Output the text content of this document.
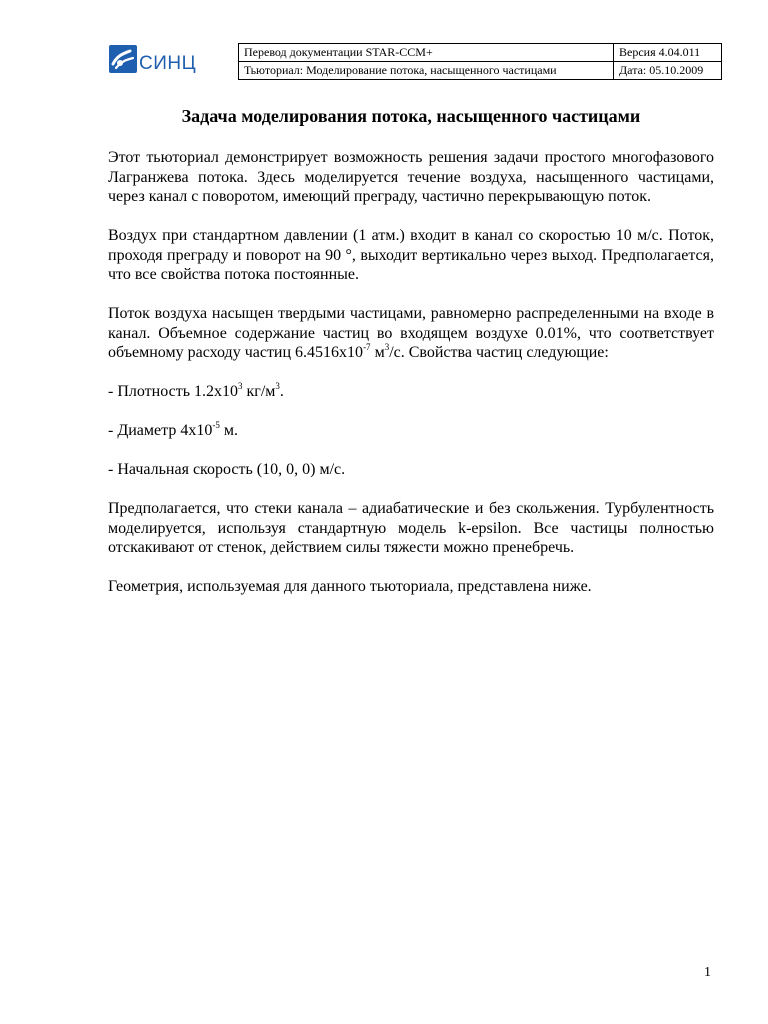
СИНЦ
Перевод документации STAR-CCM+	Версия 4.04.011
Тьюториал: Моделирование потока, насыщенного частицами	Дата: 05.10.2009
Задача моделирования потока, насыщенного частицами

Этот тьюториал демонстрирует возможность решения задачи простого многофазового Лагранжева потока. Здесь моделируется течение воздуха, насыщенного частицами, через канал с поворотом, имеющий преграду, частично перекрывающую поток.

Воздух при стандартном давлении (1 атм.) входит в канал со скоростью 10 м/с. Поток, проходя преграду и поворот на 90 °, выходит вертикально через выход. Предполагается, что все свойства потока постоянные.

Поток воздуха насыщен твердыми частицами, равномерно распределенными на входе в канал. Объемное содержание частиц во входящем воздухе 0.01%, что соответствует объемному расходу частиц $6.4516x10^{-7}$ $м^3/с$. Свойства частиц следующие:

- Плотность $1.2x10^3$ $кг/м^3$.

- Диаметр $4x10^{-5}$ м.

- Начальная скорость (10, 0, 0) м/с.

Предполагается, что стеки канала – адиабатические и без скольжения. Турбулентность моделируется, используя стандартную модель k-epsilon. Все частицы полностью отскакивают от стенок, действием силы тяжести можно пренебречь.

Геометрия, используемая для данного тьюториала, представлена ниже.

1
